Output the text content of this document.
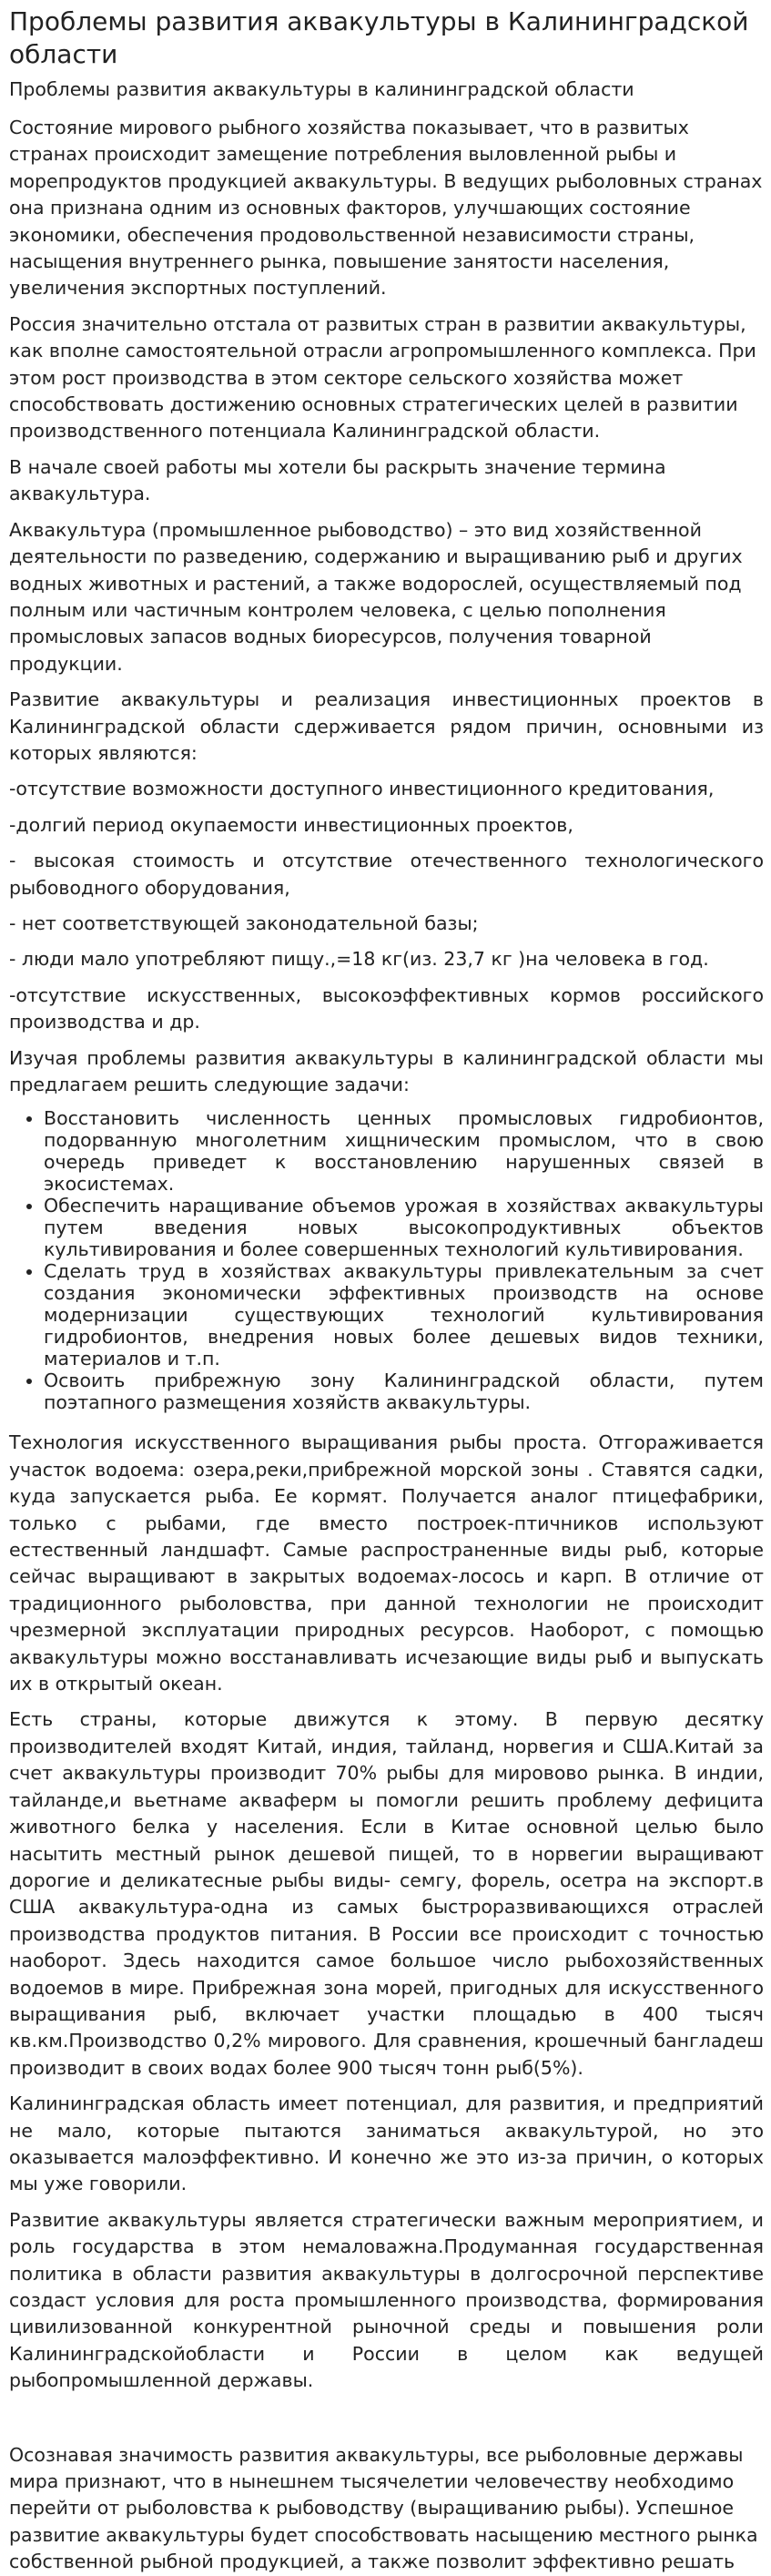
Проблемы развития аквакультуры в Калининградской области
Проблемы развития аквакультуры в калининградской области

Состояние мирового рыбного хозяйства показывает, что в развитых странах происходит замещение потребления выловленной рыбы и морепродуктов продукцией аквакультуры. В ведущих рыболовных странах она признана одним из основных факторов, улучшающих состояние экономики, обеспечения продовольственной независимости страны, насыщения внутреннего рынка, повышение занятости населения, увеличения экспортных поступлений.

Россия значительно отстала от развитых стран в развитии аквакультуры, как вполне самостоятельной отрасли агропромышленного комплекса. При этом рост производства в этом секторе сельского хозяйства может способствовать достижению основных стратегических целей в развитии производственного потенциала Калининградской области.

В начале своей работы мы хотели бы раскрыть значение термина аквакультура.

Аквакультура (промышленное рыбоводство) – это вид хозяйственной деятельности по разведению, содержанию и выращиванию рыб и других водных животных и растений, а также водорослей, осуществляемый под полным или частичным контролем человека, с целью пополнения промысловых запасов водных биоресурсов, получения товарной продукции.

Развитие аквакультуры и реализация инвестиционных проектов в Калининградской области сдерживается рядом причин, основными из которых являются:

-отсутствие возможности доступного инвестиционного кредитования,

-долгий период окупаемости инвестиционных проектов,

- высокая стоимость и отсутствие отечественного технологического рыбоводного оборудования,

- нет соответствующей законодательной базы;

- люди мало употребляют пищу.,=18 кг(из. 23,7 кг )на человека в год.

-отсутствие искусственных, высокоэффективных кормов российского производства и др.

Изучая проблемы развития аквакультуры в калининградской области мы предлагаем решить следующие задачи:

• Восстановить численность ценных промысловых гидробионтов, подорванную многолетним хищническим промыслом, что в свою очередь приведет к восстановлению нарушенных связей в экосистемах.
• Обеспечить наращивание объемов урожая в хозяйствах аквакультуры путем введения новых высокопродуктивных объектов культивирования и более совершенных технологий культивирования.
• Сделать труд в хозяйствах аквакультуры привлекательным за счет создания экономически эффективных производств на основе модернизации существующих технологий культивирования гидробионтов, внедрения новых более дешевых видов техники, материалов и т.п.
• Освоить прибрежную зону Калининградской области, путем поэтапного размещения хозяйств аквакультуры.

Технология искусственного выращивания рыбы проста. Отгораживается участок водоема: озера,реки,прибрежной морской зоны . Ставятся садки, куда запускается рыба. Ее кормят. Получается аналог птицефабрики, только с рыбами, где вместо построек-птичников используют естественный ландшафт. Самые распространенные виды рыб, которые сейчас выращивают в закрытых водоемах-лосось и карп. В отличие от традиционного рыболовства, при данной технологии не происходит чрезмерной эксплуатации природных ресурсов. Наоборот, с помощью аквакультуры можно восстанавливать исчезающие виды рыб и выпускать их в открытый океан.

Есть страны, которые движутся к этому. В первую десятку производителей входят Китай, индия, тайланд, норвегия и США.Китай за счет аквакультуры производит 70% рыбы для мировово рынка. В индии, тайланде,и вьетнаме акваферм ы помогли решить проблему дефицита животного белка у населения. Если в Китае основной целью было насытить местный рынок дешевой пищей, то в норвегии выращивают дорогие и деликатесные рыбы виды- семгу, форель, осетра на экспорт.в США аквакультура-одна из самых быстроразвивающихся отраслей производства продуктов питания. В России все происходит с точностью наоборот. Здесь находится самое большое число рыбохозяйственных водоемов в мире. Прибрежная зона морей, пригодных для искусственного выращивания рыб, включает участки площадью в 400 тысяч кв.км.Производство 0,2% мирового. Для сравнения, крошечный бангладеш производит в своих водах более 900 тысяч тонн рыб(5%).

Калининградская область имеет потенциал, для развития, и предприятий не мало, которые пытаются заниматься аквакультурой, но это оказывается малоэффективно. И конечно же это из-за причин, о которых мы уже говорили.

Развитие аквакультуры является стратегически важным мероприятием, и роль государства в этом немаловажна.Продуманная государственная политика в области развития аквакультуры в долгосрочной перспективе создаст условия для роста промышленного производства, формирования цивилизованной конкурентной рыночной среды и повышения роли Калининградскойобласти и России в целом как ведущей рыбопромышленной державы.

Осознавая значимость развития аквакультуры, все рыболовные державы мира признают, что в нынешнем тысячелетии человечеству необходимо перейти от рыболовства к рыбоводству (выращиванию рыбы). Успешное развитие аквакультуры будет способствовать насыщению местного рынка собственной рыбной продукцией, а также позволит эффективно решать
